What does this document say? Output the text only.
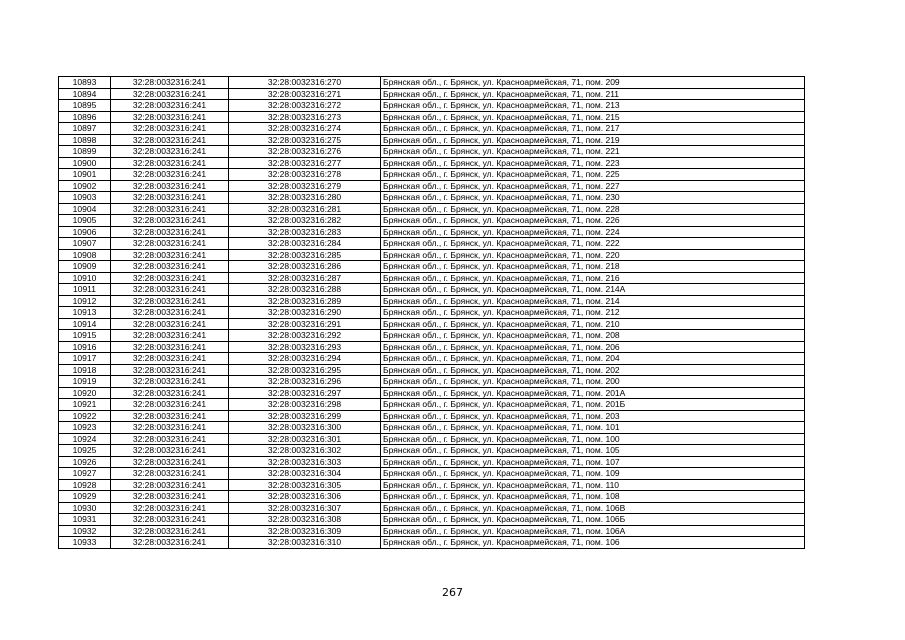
10893	32:28:0032316:241	32:28:0032316:270	Брянская обл., г. Брянск, ул. Красноармейская, 71, пом. 209
10894	32:28:0032316:241	32:28:0032316:271	Брянская обл., г. Брянск, ул. Красноармейская, 71, пом. 211
10895	32:28:0032316:241	32:28:0032316:272	Брянская обл., г. Брянск, ул. Красноармейская, 71, пом. 213
10896	32:28:0032316:241	32:28:0032316:273	Брянская обл., г. Брянск, ул. Красноармейская, 71, пом. 215
10897	32:28:0032316:241	32:28:0032316:274	Брянская обл., г. Брянск, ул. Красноармейская, 71, пом. 217
10898	32:28:0032316:241	32:28:0032316:275	Брянская обл., г. Брянск, ул. Красноармейская, 71, пом. 219
10899	32:28:0032316:241	32:28:0032316:276	Брянская обл., г. Брянск, ул. Красноармейская, 71, пом. 221
10900	32:28:0032316:241	32:28:0032316:277	Брянская обл., г. Брянск, ул. Красноармейская, 71, пом. 223
10901	32:28:0032316:241	32:28:0032316:278	Брянская обл., г. Брянск, ул. Красноармейская, 71, пом. 225
10902	32:28:0032316:241	32:28:0032316:279	Брянская обл., г. Брянск, ул. Красноармейская, 71, пом. 227
10903	32:28:0032316:241	32:28:0032316:280	Брянская обл., г. Брянск, ул. Красноармейская, 71, пом. 230
10904	32:28:0032316:241	32:28:0032316:281	Брянская обл., г. Брянск, ул. Красноармейская, 71, пом. 228
10905	32:28:0032316:241	32:28:0032316:282	Брянская обл., г. Брянск, ул. Красноармейская, 71, пом. 226
10906	32:28:0032316:241	32:28:0032316:283	Брянская обл., г. Брянск, ул. Красноармейская, 71, пом. 224
10907	32:28:0032316:241	32:28:0032316:284	Брянская обл., г. Брянск, ул. Красноармейская, 71, пом. 222
10908	32:28:0032316:241	32:28:0032316:285	Брянская обл., г. Брянск, ул. Красноармейская, 71, пом. 220
10909	32:28:0032316:241	32:28:0032316:286	Брянская обл., г. Брянск, ул. Красноармейская, 71, пом. 218
10910	32:28:0032316:241	32:28:0032316:287	Брянская обл., г. Брянск, ул. Красноармейская, 71, пом. 216
10911	32:28:0032316:241	32:28:0032316:288	Брянская обл., г. Брянск, ул. Красноармейская, 71, пом. 214А
10912	32:28:0032316:241	32:28:0032316:289	Брянская обл., г. Брянск, ул. Красноармейская, 71, пом. 214
10913	32:28:0032316:241	32:28:0032316:290	Брянская обл., г. Брянск, ул. Красноармейская, 71, пом. 212
10914	32:28:0032316:241	32:28:0032316:291	Брянская обл., г. Брянск, ул. Красноармейская, 71, пом. 210
10915	32:28:0032316:241	32:28:0032316:292	Брянская обл., г. Брянск, ул. Красноармейская, 71, пом. 208
10916	32:28:0032316:241	32:28:0032316:293	Брянская обл., г. Брянск, ул. Красноармейская, 71, пом. 206
10917	32:28:0032316:241	32:28:0032316:294	Брянская обл., г. Брянск, ул. Красноармейская, 71, пом. 204
10918	32:28:0032316:241	32:28:0032316:295	Брянская обл., г. Брянск, ул. Красноармейская, 71, пом. 202
10919	32:28:0032316:241	32:28:0032316:296	Брянская обл., г. Брянск, ул. Красноармейская, 71, пом. 200
10920	32:28:0032316:241	32:28:0032316:297	Брянская обл., г. Брянск, ул. Красноармейская, 71, пом. 201А
10921	32:28:0032316:241	32:28:0032316:298	Брянская обл., г. Брянск, ул. Красноармейская, 71, пом. 201Б
10922	32:28:0032316:241	32:28:0032316:299	Брянская обл., г. Брянск, ул. Красноармейская, 71, пом. 203
10923	32:28:0032316:241	32:28:0032316:300	Брянская обл., г. Брянск, ул. Красноармейская, 71, пом. 101
10924	32:28:0032316:241	32:28:0032316:301	Брянская обл., г. Брянск, ул. Красноармейская, 71, пом. 100
10925	32:28:0032316:241	32:28:0032316:302	Брянская обл., г. Брянск, ул. Красноармейская, 71, пом. 105
10926	32:28:0032316:241	32:28:0032316:303	Брянская обл., г. Брянск, ул. Красноармейская, 71, пом. 107
10927	32:28:0032316:241	32:28:0032316:304	Брянская обл., г. Брянск, ул. Красноармейская, 71, пом. 109
10928	32:28:0032316:241	32:28:0032316:305	Брянская обл., г. Брянск, ул. Красноармейская, 71, пом. 110
10929	32:28:0032316:241	32:28:0032316:306	Брянская обл., г. Брянск, ул. Красноармейская, 71, пом. 108
10930	32:28:0032316:241	32:28:0032316:307	Брянская обл., г. Брянск, ул. Красноармейская, 71, пом. 106В
10931	32:28:0032316:241	32:28:0032316:308	Брянская обл., г. Брянск, ул. Красноармейская, 71, пом. 106Б
10932	32:28:0032316:241	32:28:0032316:309	Брянская обл., г. Брянск, ул. Красноармейская, 71, пом. 106А
10933	32:28:0032316:241	32:28:0032316:310	Брянская обл., г. Брянск, ул. Красноармейская, 71, пом. 106
267
